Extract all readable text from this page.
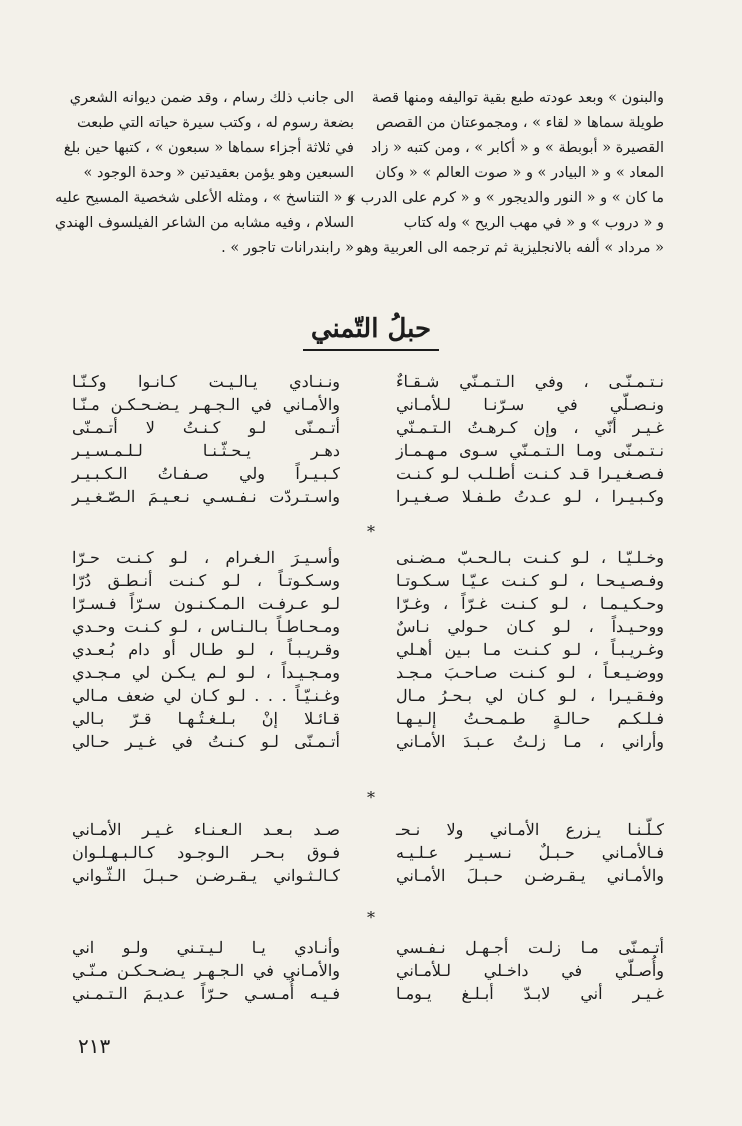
والبنون » وبعد عودته طبع بقية تواليفه ومنها قصة
طويلة سماها « لقاء » ، ومجموعتان من القصص
القصيرة « أبوبطة » و « أكابر » ، ومن كتبه « زاد
المعاد » و « البيادر » و « صوت العالم » « وكان
ما كان » و « النور والديجور » و « كرم على الدرب »
و « دروب » و « في مهب الريح » وله كتاب
« مرداد » ألفه بالانجليزية ثم ترجمه الى العربية وهو
الى جانب ذلك رسام ، وقد ضمن ديوانه الشعري
بضعة رسوم له ، وكتب سيرة حياته التي طبعت
في ثلاثة أجزاء سماها « سبعون » ، كتبها حين بلغ
السبعين وهو يؤمن بعقيدتين « وحدة الوجود »
و « التناسخ » ، ومثله الأعلى شخصية المسيح عليه
السلام ، وفيه مشابه من الشاعر الفيلسوف الهندي
« رابندرانات تاجور » .
حبلُ التّمني
نـتـمـنّـى ، وفي الـتـمـنّي شـقـاءٌ
ونـصـلّي في سـرّنـا لـلأمـاني
غـيـر أنّي ، وإن كـرهـتُ الـتـمـنّي
نـتـمـنّى ومـا الـتـمـنّي سـوى مـهـمـاز
فـصـغـيـرا قـد كـنـت أطـلـب لـو كـنـت
وكـبـيـرا ، لـو عـدتُ طـفـلا صـغـيـرا
ونـنـادي يـالـيـت كـانـوا وكـنّـا
والأمـاني في الـجـهـر يـضـحـكـن مـنّـا
أتـمـنّى لـو كـنـتُ لا أتـمـنّى
دهـر يـحـثّـنـا لـلـمـسـيـر
كـبـيـراً ولي صـفـاتُ الـكـبـيـر
واسـتـردّت نـفـسـي نـعـيـمَ الـصّـغـيـر
*
وخـلـيّـا ، لـو كـنـت بـالـحـبّ مـضـنى
وفـصـيـحـا ، لـو كـنـت عـيّـا سـكـوتـا
وحـكـيـمـا ، لـو كـنـت غـرّاً ، وغـرّا
ووحـيـداً ، لـو كـان حـولي نـاسٌ
وغـريـبـاً ، لـو كـنـت مـا بـين أهـلي
ووضـيـعـاً ، لـو كـنـت صـاحـبَ مـجـد
وفـقـيـرا ، لـو كـان لي بـحـرُ مـال
فـلـكـم حـالـةٍ طـمـحـتُ إلـيـهـا
وأراني ، مـا زلـتُ عـبـدَ الأمـاني
وأسـيـرَ الـغـرام ، لـو كـنـت حـرّا
وسـكـوتـاً ، لـو كـنـت أنـطـق دُرّا
لـو عـرفـت الـمـكـنـون سـرّاً فـسـرّا
ومـحـاطـاً بـالـنـاس ، لـو كـنـت وحـدي
وقـريـبـاً ، لـو طـال أو دام بُـعـدي
ومـجـيـداً ، لـو لـم يـكـن لي مـجـدي
وغـنـيّـاً . . . لـو كـان لي ضعف مـالي
قـائـلا إنْ بـلـغـتُـهـا قـرّ بـالي
أتـمـنّى لـو كـنـتُ في غـيـر حـالي
*
كـلّـنـا يـزرع الأمـاني ولا نـحـ
فـالأمـاني حـبـلٌ نـسـيـر عـلـيـه
والأمـاني يـقـرضـن حـبـلَ الأمـاني
صـد بـعـد الـعـنـاء غـيـر الأمـاني
فـوق بـحـر الـوجـود كـالـبـهـلـوان
كـالـثـواني يـقـرضـن حـبـلَ الـثّـواني
*
أتـمـنّى مـا زلـت أجـهـل نـفـسي
وأُصـلّي في داخـلي لـلأمـاني
غـيـر أني لابـدّ أبـلـغ يـومـا
وأنـادي يـا لـيـتـني ولـو اني
والأمـاني في الـجـهـر يـضـحـكـن مـنّـي
فـيـه أُمـسـي حـرّاً عـديـمَ الـتـمـني
٢١٣
